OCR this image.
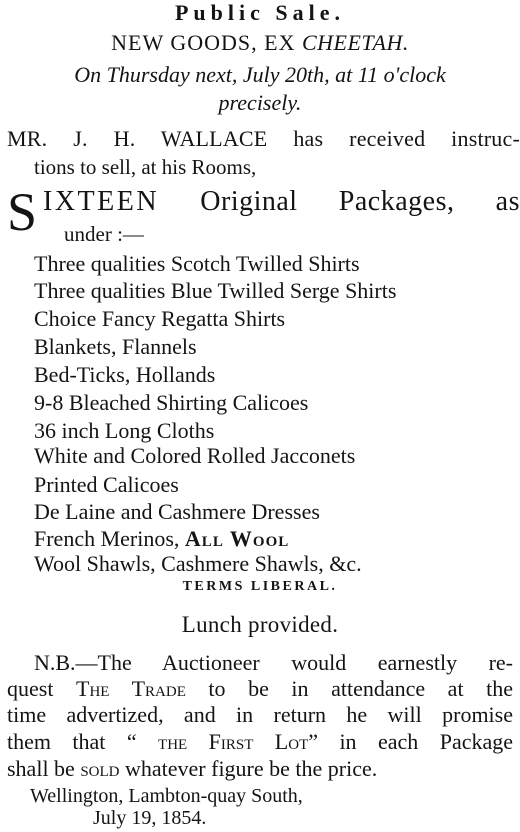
Public Sale.
NEW GOODS, EX CHEETAH.
On Thursday next, July 20th, at 11 o'clock
precisely.
MR. J. H. WALLACE has received instruc-
tions to sell, at his Rooms,
S IXTEEN Original Packages, as
under :—
Three qualities Scotch Twilled Shirts
Three qualities Blue Twilled Serge Shirts
Choice Fancy Regatta Shirts
Blankets, Flannels
Bed-Ticks, Hollands
9-8 Bleached Shirting Calicoes
36 inch Long Cloths
White and Colored Rolled Jacconets
Printed Calicoes
De Laine and Cashmere Dresses
French Merinos, All Wool
Wool Shawls, Cashmere Shawls, &c.
TERMS LIBERAL.
Lunch provided.
N.B.—The Auctioneer would earnestly re-
quest The Trade to be in attendance at the
time advertized, and in return he will promise
them that “ the First Lot” in each Package
shall be sold whatever figure be the price.
Wellington, Lambton-quay South,
July 19, 1854.
